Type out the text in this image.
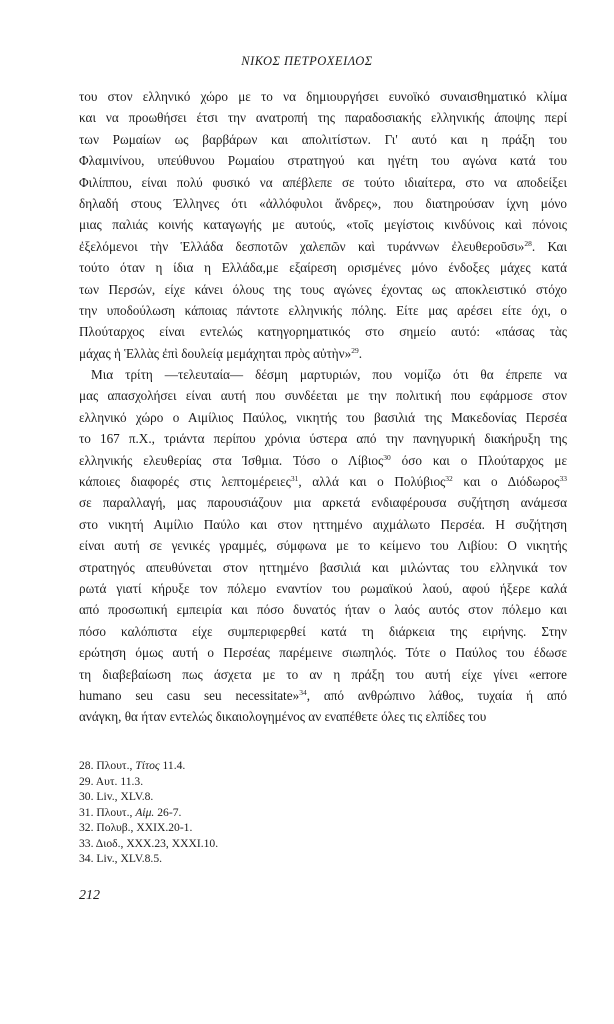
ΝΙΚΟΣ ΠΕΤΡΟΧΕΙΛΟΣ
του στον ελληνικό χώρο με το να δημιουργήσει ευνοϊκό συναισθηματικό κλίμα
και να προωθήσει έτσι την ανατροπή της παραδοσιακής ελληνικής άποψης περί
των Ρωμαίων ως βαρβάρων και απολιτίστων. Γι' αυτό και η πράξη του
Φλαμινίνου, υπεύθυνου Ρωμαίου στρατηγού και ηγέτη του αγώνα κατά του
Φιλίππου, είναι πολύ φυσικό να απέβλεπε σε τούτο ιδιαίτερα, στο να αποδείξει
δηλαδή στους Έλληνες ότι «ἀλλόφυλοι ἄνδρες», που διατηρούσαν ίχνη μόνο
μιας παλιάς κοινής καταγωγής με αυτούς, «τοῖς μεγίστοις κινδύνοις καὶ πόνοις
ἐξελόμενοι τὴν Ἑλλάδα δεσποτῶν χαλεπῶν καὶ τυράννων ἐλευθεροῦσι»$^{28}$. Και
τούτο όταν η ίδια η Ελλάδα,με εξαίρεση ορισμένες μόνο ένδοξες μάχες κατά
των Περσών, είχε κάνει όλους της τους αγώνες έχοντας ως αποκλειστικό στόχο
την υποδούλωση κάποιας πάντοτε ελληνικής πόλης. Είτε μας αρέσει είτε όχι, ο
Πλούταρχος είναι εντελώς κατηγορηματικός στο σημείο αυτό: «πάσας τὰς
μάχας ἡ Ἑλλὰς ἐπὶ δουλείᾳ μεμάχηται πρὸς αὐτὴν»$^{29}$.
Μια τρίτη —τελευταία— δέσμη μαρτυριών, που νομίζω ότι θα έπρεπε να
μας απασχολήσει είναι αυτή που συνδέεται με την πολιτική που εφάρμοσε στον
ελληνικό χώρο ο Αιμίλιος Παύλος, νικητής του βασιλιά της Μακεδονίας Περσέα
το 167 π.Χ., τριάντα περίπου χρόνια ύστερα από την πανηγυρική διακήρυξη της
ελληνικής ελευθερίας στα Ίσθμια. Τόσο ο Λίβιος$^{30}$ όσο και ο Πλούταρχος με
κάποιες διαφορές στις λεπτομέρειες$^{31}$, αλλά και ο Πολύβιος$^{32}$ και ο Διόδωρος$^{33}$
σε παραλλαγή, μας παρουσιάζουν μια αρκετά ενδιαφέρουσα συζήτηση ανάμεσα
στο νικητή Αιμίλιο Παύλο και στον ηττημένο αιχμάλωτο Περσέα. Η συζήτηση
είναι αυτή σε γενικές γραμμές, σύμφωνα με το κείμενο του Λιβίου: Ο νικητής
στρατηγός απευθύνεται στον ηττημένο βασιλιά και μιλώντας του ελληνικά τον
ρωτά γιατί κήρυξε τον πόλεμο εναντίον του ρωμαϊκού λαού, αφού ήξερε καλά
από προσωπική εμπειρία και πόσο δυνατός ήταν ο λαός αυτός στον πόλεμο και
πόσο καλόπιστα είχε συμπεριφερθεί κατά τη διάρκεια της ειρήνης. Στην
ερώτηση όμως αυτή ο Περσέας παρέμεινε σιωπηλός. Τότε ο Παύλος του έδωσε
τη διαβεβαίωση πως άσχετα με το αν η πράξη του αυτή είχε γίνει «errore
humano seu casu seu necessitate»$^{34}$, από ανθρώπινο λάθος, τυχαία ή από
ανάγκη, θα ήταν εντελώς δικαιολογημένος αν εναπέθετε όλες τις ελπίδες του
28. Πλουτ., Τίτος 11.4.
29. Αυτ. 11.3.
30. Liv., XLV.8.
31. Πλουτ., Αἰμ. 26-7.
32. Πολυβ., XXIX.20-1.
33. Διοδ., XXX.23, XXXI.10.
34. Liv., XLV.8.5.
212
